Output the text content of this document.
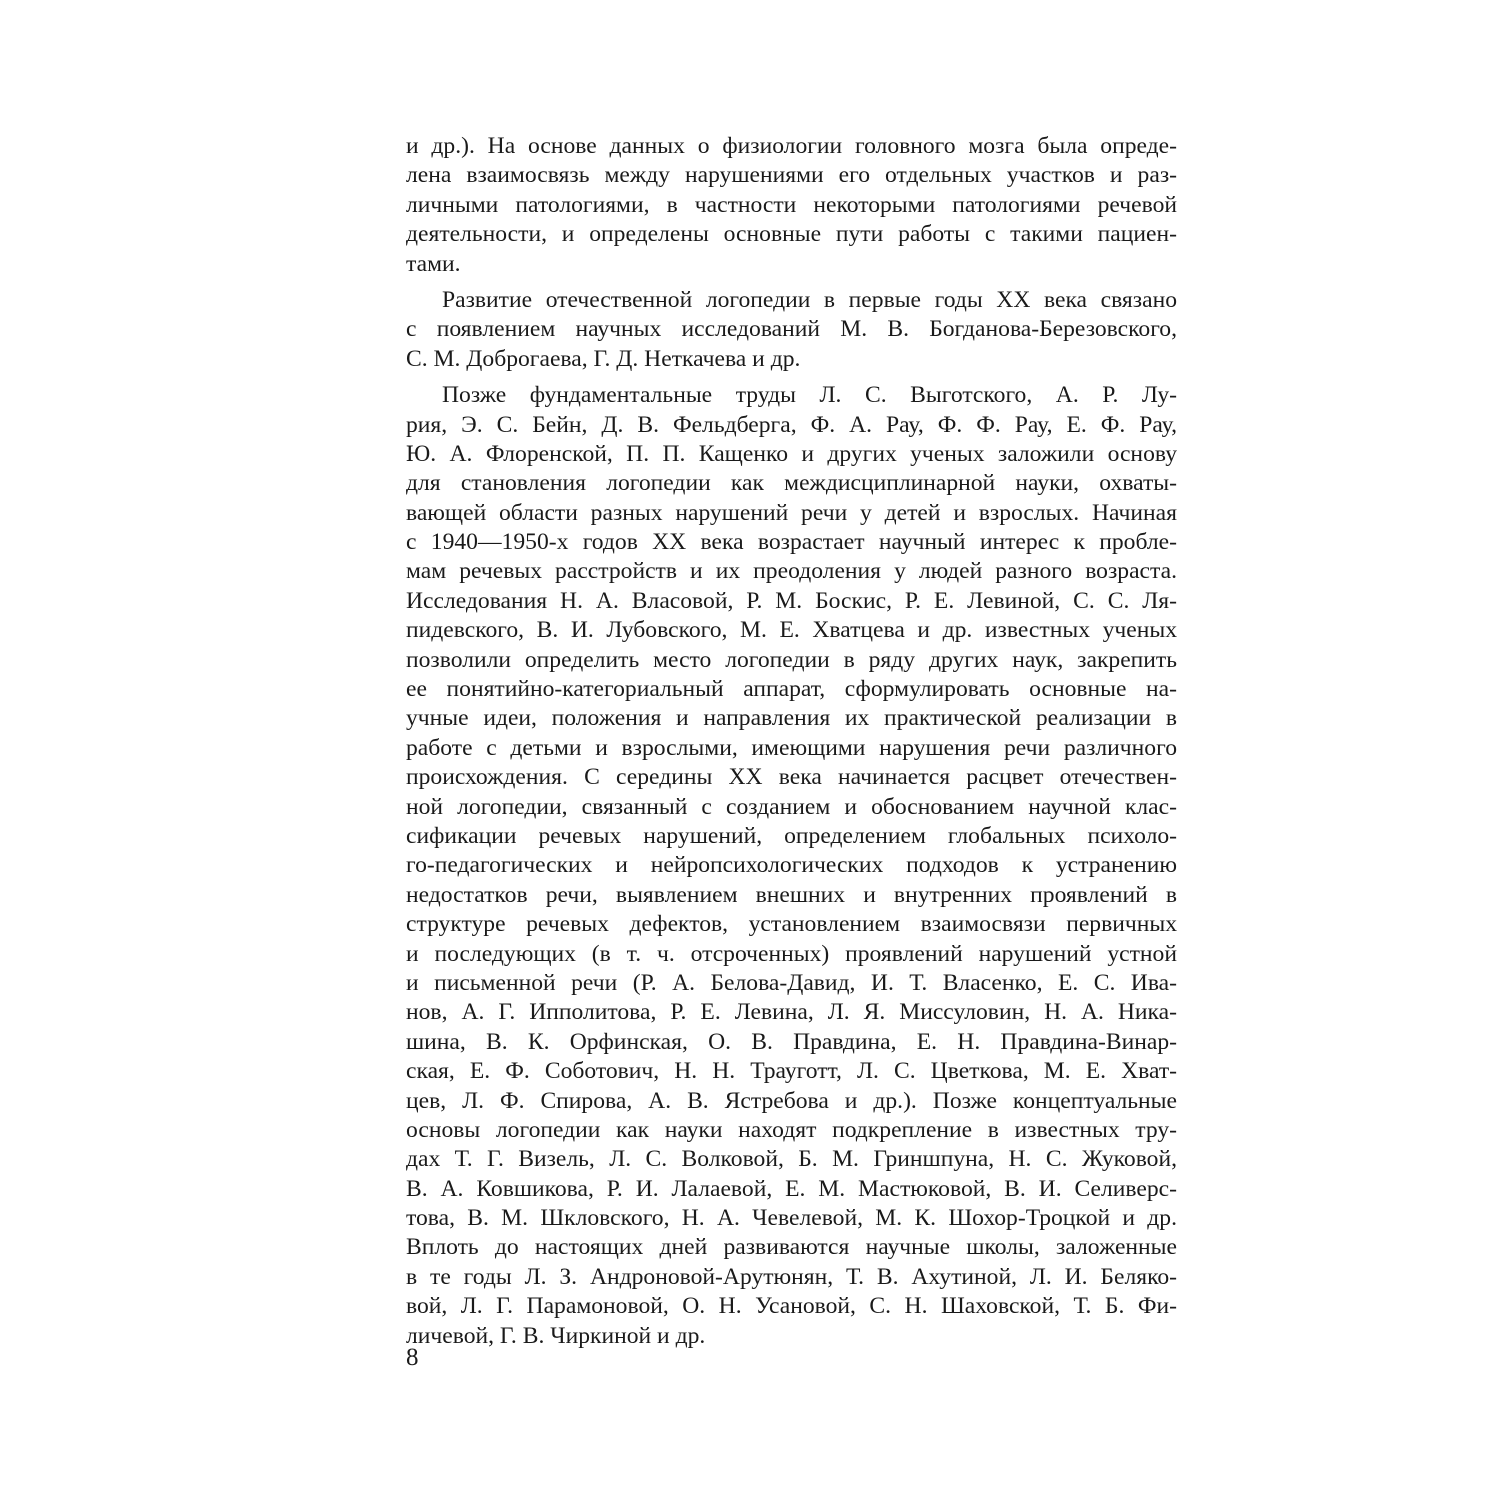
и др.). На основе данных о физиологии головного мозга была опреде-
лена взаимосвязь между нарушениями его отдельных участков и раз-
личными патологиями, в частности некоторыми патологиями речевой
деятельности, и определены основные пути работы с такими пациен-
тами.
Развитие отечественной логопедии в первые годы XX века связано
с появлением научных исследований М. В. Богданова-Березовского,
С. М. Доброгаева, Г. Д. Неткачева и др.
Позже фундаментальные труды Л. С. Выготского, А. Р. Лу-
рия, Э. С. Бейн, Д. В. Фельдберга, Ф. А. Рау, Ф. Ф. Рау, Е. Ф. Рау,
Ю. А. Флоренской, П. П. Кащенко и других ученых заложили основу
для становления логопедии как междисциплинарной науки, охваты-
вающей области разных нарушений речи у детей и взрослых. Начиная
с 1940—1950-х годов XX века возрастает научный интерес к пробле-
мам речевых расстройств и их преодоления у людей разного возраста.
Исследования Н. А. Власовой, Р. М. Боскис, Р. Е. Левиной, С. С. Ля-
пидевского, В. И. Лубовского, М. Е. Хватцева и др. известных ученых
позволили определить место логопедии в ряду других наук, закрепить
ее понятийно-категориальный аппарат, сформулировать основные на-
учные идеи, положения и направления их практической реализации в
работе с детьми и взрослыми, имеющими нарушения речи различного
происхождения. С середины XX века начинается расцвет отечествен-
ной логопедии, связанный с созданием и обоснованием научной клас-
сификации речевых нарушений, определением глобальных психоло-
го-педагогических и нейропсихологических подходов к устранению
недостатков речи, выявлением внешних и внутренних проявлений в
структуре речевых дефектов, установлением взаимосвязи первичных
и последующих (в т. ч. отсроченных) проявлений нарушений устной
и письменной речи (Р. А. Белова-Давид, И. Т. Власенко, Е. С. Ива-
нов, А. Г. Ипполитова, Р. Е. Левина, Л. Я. Миссуловин, Н. А. Ника-
шина, В. К. Орфинская, О. В. Правдина, Е. Н. Правдина-Винар-
ская, Е. Ф. Соботович, Н. Н. Трауготт, Л. С. Цветкова, М. Е. Хват-
цев, Л. Ф. Спирова, А. В. Ястребова и др.). Позже концептуальные
основы логопедии как науки находят подкрепление в известных тру-
дах Т. Г. Визель, Л. С. Волковой, Б. М. Гриншпуна, Н. С. Жуковой,
В. А. Ковшикова, Р. И. Лалаевой, Е. М. Мастюковой, В. И. Селиверс-
това, В. М. Шкловского, Н. А. Чевелевой, М. К. Шохор-Троцкой и др.
Вплоть до настоящих дней развиваются научные школы, заложенные
в те годы Л. З. Андроновой-Арутюнян, Т. В. Ахутиной, Л. И. Беляко-
вой, Л. Г. Парамоновой, О. Н. Усановой, С. Н. Шаховской, Т. Б. Фи-
личевой, Г. В. Чиркиной и др.
8
